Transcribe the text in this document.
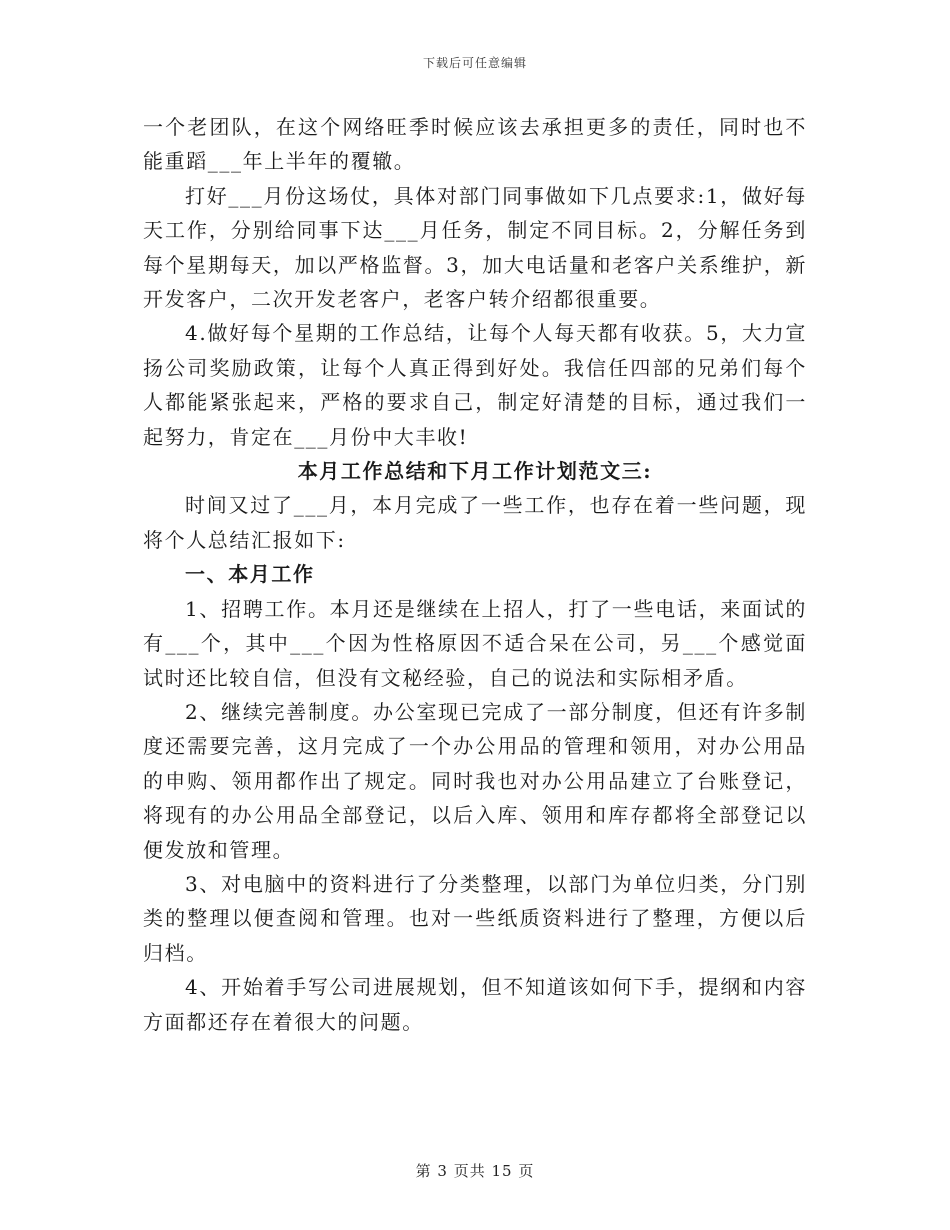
下载后可任意编辑

一个老团队，在这个网络旺季时候应该去承担更多的责任，同时也不能重蹈___年上半年的覆辙。

打好___月份这场仗，具体对部门同事做如下几点要求:1，做好每天工作，分别给同事下达___月任务，制定不同目标。2，分解任务到每个星期每天，加以严格监督。3，加大电话量和老客户关系维护，新开发客户，二次开发老客户，老客户转介绍都很重要。

4.做好每个星期的工作总结，让每个人每天都有收获。5，大力宣扬公司奖励政策，让每个人真正得到好处。我信任四部的兄弟们每个人都能紧张起来，严格的要求自己，制定好清楚的目标，通过我们一起努力，肯定在___月份中大丰收!

本月工作总结和下月工作计划范文三:

时间又过了___月，本月完成了一些工作，也存在着一些问题，现将个人总结汇报如下:

一、本月工作

1、招聘工作。本月还是继续在上招人，打了一些电话，来面试的有___个，其中___个因为性格原因不适合呆在公司，另___个感觉面试时还比较自信，但没有文秘经验，自己的说法和实际相矛盾。

2、继续完善制度。办公室现已完成了一部分制度，但还有许多制度还需要完善，这月完成了一个办公用品的管理和领用，对办公用品的申购、领用都作出了规定。同时我也对办公用品建立了台账登记，将现有的办公用品全部登记，以后入库、领用和库存都将全部登记以便发放和管理。

3、对电脑中的资料进行了分类整理，以部门为单位归类，分门别类的整理以便查阅和管理。也对一些纸质资料进行了整理，方便以后归档。

4、开始着手写公司进展规划，但不知道该如何下手，提纲和内容方面都还存在着很大的问题。

第 3 页共 15 页
